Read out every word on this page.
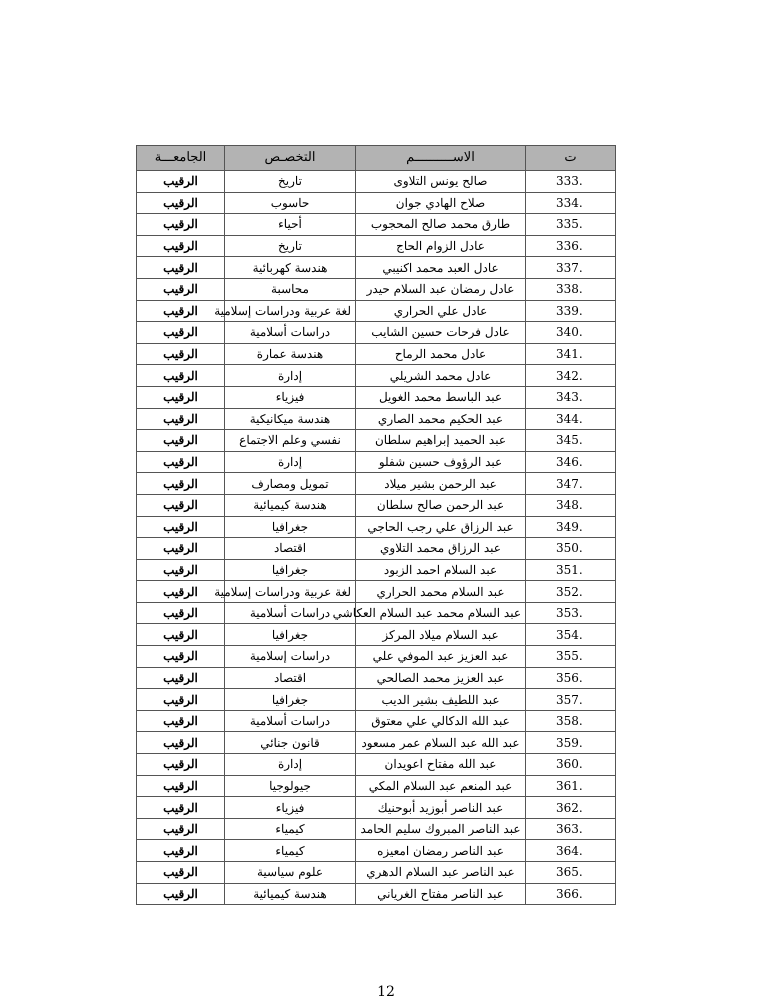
ت	الاســــــــــم	التخصـص	الجامعـــة
333.	صالح يونس التلاوى	تاريخ	الرقيب
334.	صلاح الهادي جوان	حاسوب	الرقيب
335.	طارق محمد صالح المحجوب	أحياء	الرقيب
336.	عادل الزوام الحاج	تاريخ	الرقيب
337.	عادل العبد محمد اكنيبي	هندسة كهربائية	الرقيب
338.	عادل رمضان عبد السلام حيدر	محاسبة	الرقيب
339.	عادل علي الحراري	لغة عربية ودراسات إسلامية	الرقيب
340.	عادل فرحات حسين الشايب	دراسات أسلامية	الرقيب
341.	عادل محمد الرماح	هندسة عمارة	الرقيب
342.	عادل محمد الشريلي	إدارة	الرقيب
343.	عبد الباسط محمد الغويل	فيزياء	الرقيب
344.	عبد الحكيم محمد الصاري	هندسة ميكانيكية	الرقيب
345.	عبد الحميد إبراهيم سلطان	نفسي وعلم الاجتماع	الرقيب
346.	عبد الرؤوف حسين شفلو	إدارة	الرقيب
347.	عبد الرحمن بشير ميلاد	تمويل ومصارف	الرقيب
348.	عبد الرحمن صالح سلطان	هندسة كيميائية	الرقيب
349.	عبد الرزاق علي رجب الحاجي	جغرافيا	الرقيب
350.	عبد الرزاق محمد التلاوي	اقتصاد	الرقيب
351.	عبد السلام احمد الزبود	جغرافيا	الرقيب
352.	عبد السلام محمد الحراري	لغة عربية ودراسات إسلامية	الرقيب
353.	عبد السلام محمد عبد السلام العكاشي	دراسات أسلامية	الرقيب
354.	عبد السلام ميلاد المركز	جغرافيا	الرقيب
355.	عبد العزيز عبد الموفي علي	دراسات إسلامية	الرقيب
356.	عبد العزيز محمد الصالحي	اقتصاد	الرقيب
357.	عبد اللطيف بشير الديب	جغرافيا	الرقيب
358.	عبد الله الدكالي علي معتوق	دراسات أسلامية	الرقيب
359.	عبد الله عبد السلام عمر مسعود	قانون جنائي	الرقيب
360.	عبد الله مفتاح اعويدان	إدارة	الرقيب
361.	عبد المنعم عبد السلام المكي	جيولوجيا	الرقيب
362.	عبد الناصر أبوزيد أبوحنيك	فيزياء	الرقيب
363.	عبد الناصر المبروك سليم الحامد	كيمياء	الرقيب
364.	عبد الناصر رمضان امعيزه	كيمياء	الرقيب
365.	عبد الناصر عبد السلام الدهري	علوم سياسية	الرقيب
366.	عبد الناصر مفتاح الغرياني	هندسة كيميائية	الرقيب
12
